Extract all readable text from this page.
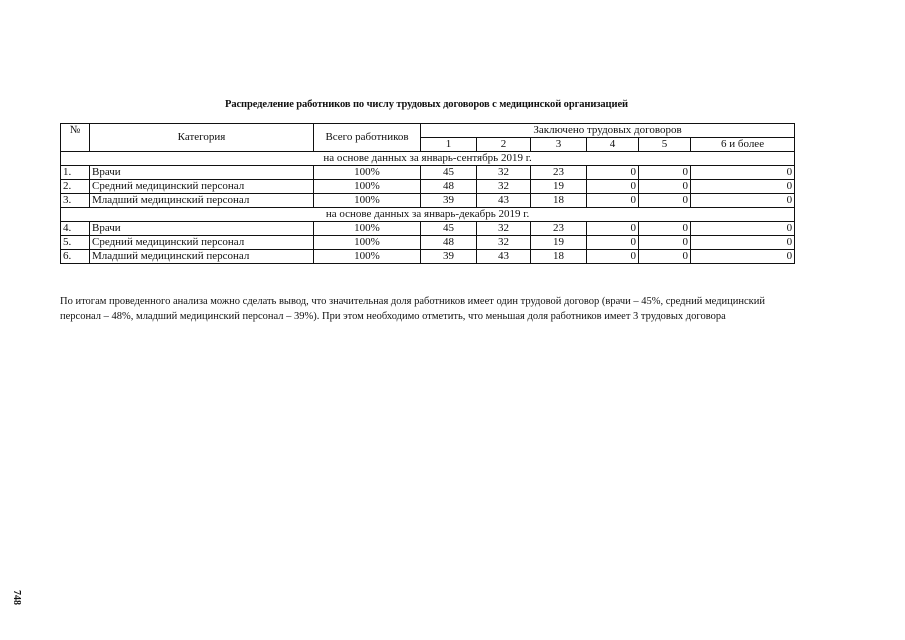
Распределение работников по числу трудовых договоров с медицинской организацией
№	Категория	Всего работников	Заключено трудовых договоров					
			1	2	3	4	5	6 и более
на основе данных за январь-сентябрь 2019 г.								
1.	Врачи	100%	45	32	23	0	0	0
2.	Средний медицинский персонал	100%	48	32	19	0	0	0
3.	Младший медицинский персонал	100%	39	43	18	0	0	0
на основе данных за январь-декабрь 2019 г.								
4.	Врачи	100%	45	32	23	0	0	0
5.	Средний медицинский персонал	100%	48	32	19	0	0	0
6.	Младший медицинский персонал	100%	39	43	18	0	0	0
По итогам проведенного анализа можно сделать вывод, что значительная доля работников имеет один трудовой договор (врачи – 45%, средний медицинский персонал – 48%, младший медицинский персонал – 39%). При этом необходимо отметить, что меньшая доля работников имеет 3 трудовых договора
748
